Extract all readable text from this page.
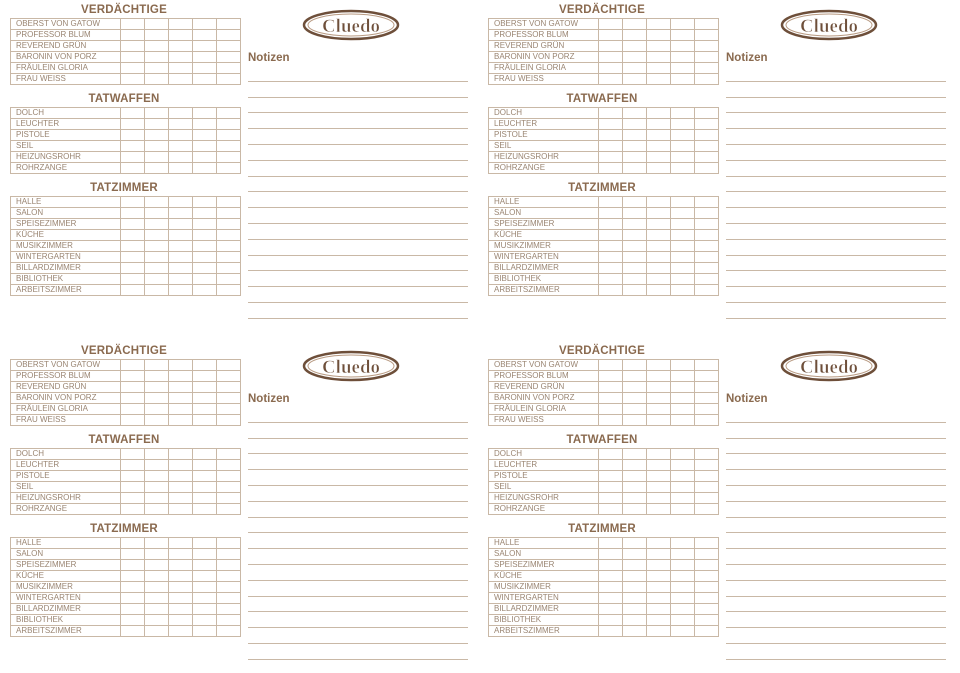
VERDÄCHTIGE
OBERST VON GATOW					
PROFESSOR BLUM					
REVEREND GRÜN					
BARONIN VON PORZ					
FRÄULEIN GLORIA					
FRAU WEISS					
TATWAFFEN
DOLCH					
LEUCHTER					
PISTOLE					
SEIL					
HEIZUNGSROHR					
ROHRZANGE					
TATZIMMER
HALLE					
SALON					
SPEISEZIMMER					
KÜCHE					
MUSIKZIMMER					
WINTERGARTEN					
BILLARDZIMMER					
BIBLIOTHEK					
ARBEITSZIMMER					
Cluedo
Notizen
VERDÄCHTIGE
OBERST VON GATOW					
PROFESSOR BLUM					
REVEREND GRÜN					
BARONIN VON PORZ					
FRÄULEIN GLORIA					
FRAU WEISS					
TATWAFFEN
DOLCH					
LEUCHTER					
PISTOLE					
SEIL					
HEIZUNGSROHR					
ROHRZANGE					
TATZIMMER
HALLE					
SALON					
SPEISEZIMMER					
KÜCHE					
MUSIKZIMMER					
WINTERGARTEN					
BILLARDZIMMER					
BIBLIOTHEK					
ARBEITSZIMMER					
Cluedo
Notizen
VERDÄCHTIGE
OBERST VON GATOW					
PROFESSOR BLUM					
REVEREND GRÜN					
BARONIN VON PORZ					
FRÄULEIN GLORIA					
FRAU WEISS					
TATWAFFEN
DOLCH					
LEUCHTER					
PISTOLE					
SEIL					
HEIZUNGSROHR					
ROHRZANGE					
TATZIMMER
HALLE					
SALON					
SPEISEZIMMER					
KÜCHE					
MUSIKZIMMER					
WINTERGARTEN					
BILLARDZIMMER					
BIBLIOTHEK					
ARBEITSZIMMER					
Cluedo
Notizen
VERDÄCHTIGE
OBERST VON GATOW					
PROFESSOR BLUM					
REVEREND GRÜN					
BARONIN VON PORZ					
FRÄULEIN GLORIA					
FRAU WEISS					
TATWAFFEN
DOLCH					
LEUCHTER					
PISTOLE					
SEIL					
HEIZUNGSROHR					
ROHRZANGE					
TATZIMMER
HALLE					
SALON					
SPEISEZIMMER					
KÜCHE					
MUSIKZIMMER					
WINTERGARTEN					
BILLARDZIMMER					
BIBLIOTHEK					
ARBEITSZIMMER					
Cluedo
Notizen
